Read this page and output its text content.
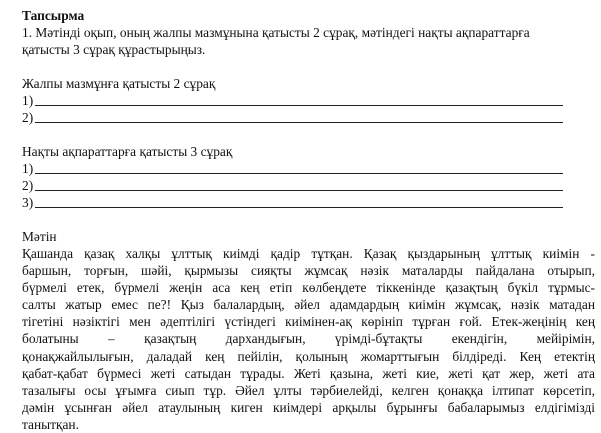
Тапсырма
1. Мәтінді оқып, оның жалпы мазмұнына қатысты 2 сұрақ, мәтіндегі нақты ақпараттарға
қатысты 3 сұрақ құрастырыңыз.
Жалпы мазмұнға қатысты 2 сұрақ
1)
2)
Нақты ақпараттарға қатысты 3 сұрақ
1)
2)
3)
Мәтін
Қашанда қазақ халқы ұлттық киімді қадір тұтқан. Қазақ қыздарының ұлттық киімін -
баршын, торғын, шәйі, қырмызы сияқты жұмсақ нәзік маталарды пайдалана отырып,
бүрмелі етек, бүрмелі жеңін аса кең етіп көлбеңдете тіккенінде қазақтың бүкіл тұрмыс-
салты жатыр емес пе?! Қыз балалардың, әйел адамдардың киімін жұмсақ, нәзік матадан
тігетіні нәзіктігі мен әдептілігі үстіндегі киімінен-ақ көрініп тұрған ғой. Етек-жеңінің кең
болатыны – қазақтың дархандығын, үрімді-бұтақты екендігін, мейірімін,
қонақжайлылығын, даладай кең пейілін, қолының жомарттығын білдіреді. Кең етектің
қабат-қабат бүрмесі жеті сатыдан тұрады. Жеті қазына, жеті кие, жеті қат жер, жеті ата
тазалығы осы ұғымға сиып тұр. Әйел ұлты тәрбиелейді, келген қонаққа ілтипат көрсетіп,
дәмін ұсынған әйел атаулының киген киімдері арқылы бұрынғы бабаларымыз елдігімізді
танытқан.
